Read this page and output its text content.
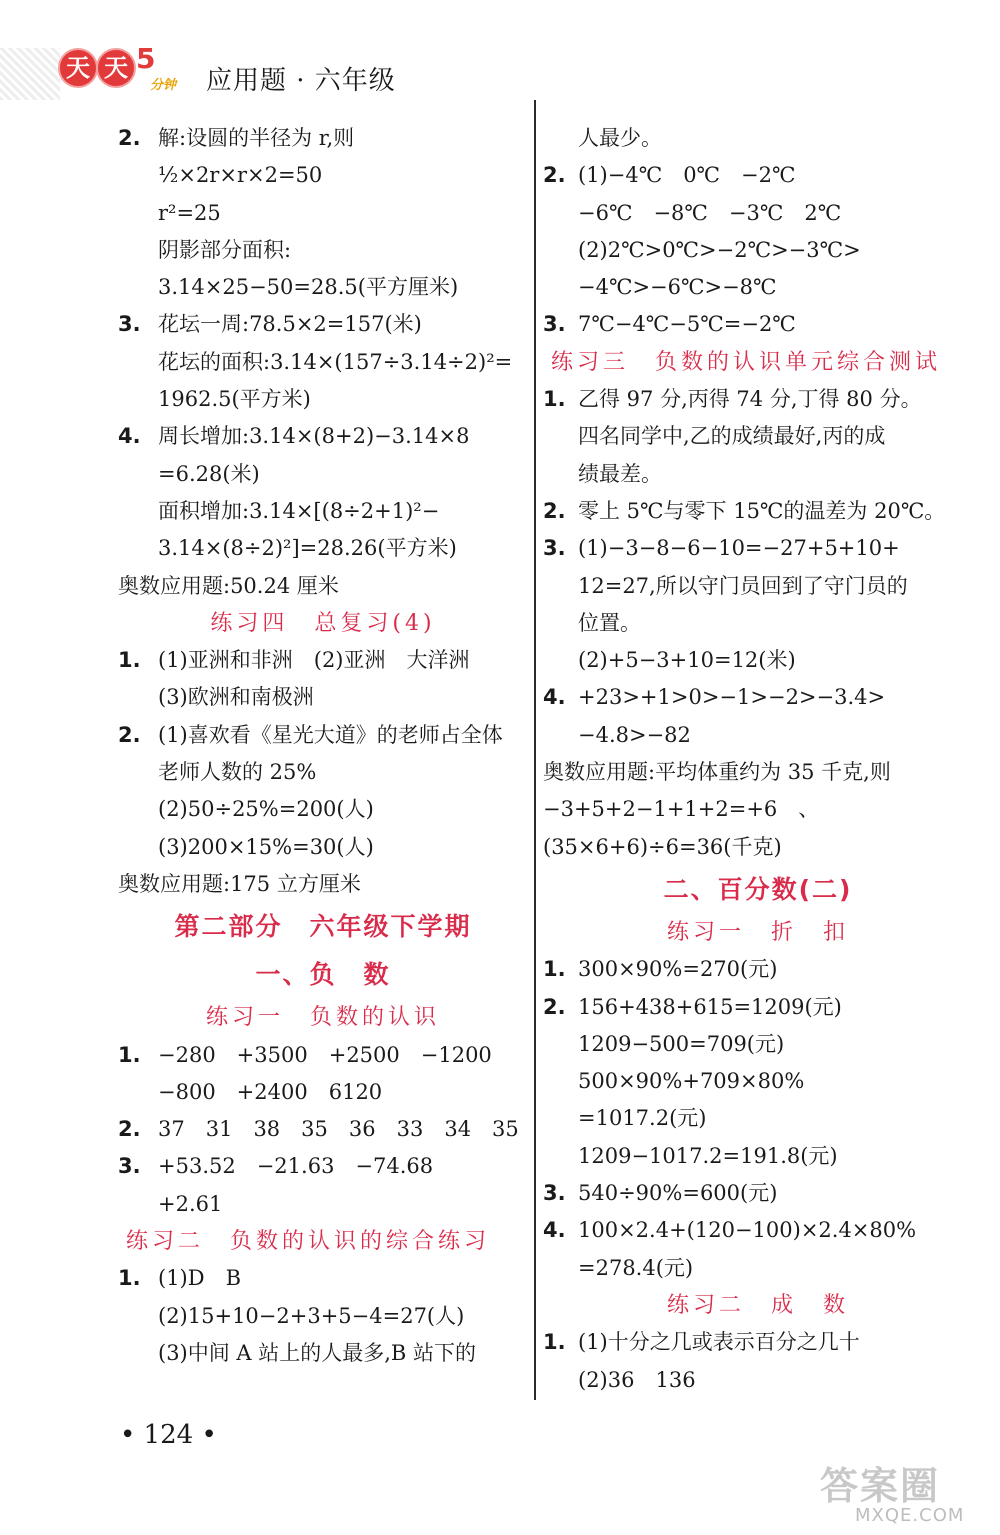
天 天 5
分钟 应用题 · 六年级
2. 解:设圆的半径为 r,则
½×2r×r×2=50
r²=25
阴影部分面积:
3.14×25−50=28.5(平方厘米)
3. 花坛一周:78.5×2=157(米)
花坛的面积:3.14×(157÷3.14÷2)²=
1962.5(平方米)
4. 周长增加:3.14×(8+2)−3.14×8
=6.28(米)
面积增加:3.14×[(8÷2+1)²−
3.14×(8÷2)²]=28.26(平方米)
奥数应用题:50.24 厘米
练习四　总复习(4)
1. (1)亚洲和非洲　(2)亚洲　大洋洲
(3)欧洲和南极洲
2. (1)喜欢看《星光大道》的老师占全体
老师人数的 25%
(2)50÷25%=200(人)
(3)200×15%=30(人)
奥数应用题:175 立方厘米
第二部分　六年级下学期
一、负　数
练习一　负数的认识
1. −280　+3500　+2500　−1200
−800　+2400　6120
2. 37　31　38　35　36　33　34　35
3. +53.52　−21.63　−74.68
+2.61
练习二　负数的认识的综合练习
1. (1)D　B
(2)15+10−2+3+5−4=27(人)
(3)中间 A 站上的人最多,B 站下的
人最少。
2. (1)−4℃　0℃　−2℃
−6℃　−8℃　−3℃　2℃
(2)2℃>0℃>−2℃>−3℃>
−4℃>−6℃>−8℃
3. 7℃−4℃−5℃=−2℃
练习三　负数的认识单元综合测试
1. 乙得 97 分,丙得 74 分,丁得 80 分。
四名同学中,乙的成绩最好,丙的成
绩最差。
2. 零上 5℃与零下 15℃的温差为 20℃。
3. (1)−3−8−6−10=−27+5+10+
12=27,所以守门员回到了守门员的
位置。
(2)+5−3+10=12(米)
4. +23>+1>0>−1>−2>−3.4>
−4.8>−82
奥数应用题:平均体重约为 35 千克,则
−3+5+2−1+1+2=+6　、
(35×6+6)÷6=36(千克)
二、百分数(二)
练习一　折　扣
1. 300×90%=270(元)
2. 156+438+615=1209(元)
1209−500=709(元)
500×90%+709×80%
=1017.2(元)
1209−1017.2=191.8(元)
3. 540÷90%=600(元)
4. 100×2.4+(120−100)×2.4×80%
=278.4(元)
练习二　成　数
1. (1)十分之几或表示百分之几十
(2)36　136
• 124 •
答案圈
MXQE.COM
